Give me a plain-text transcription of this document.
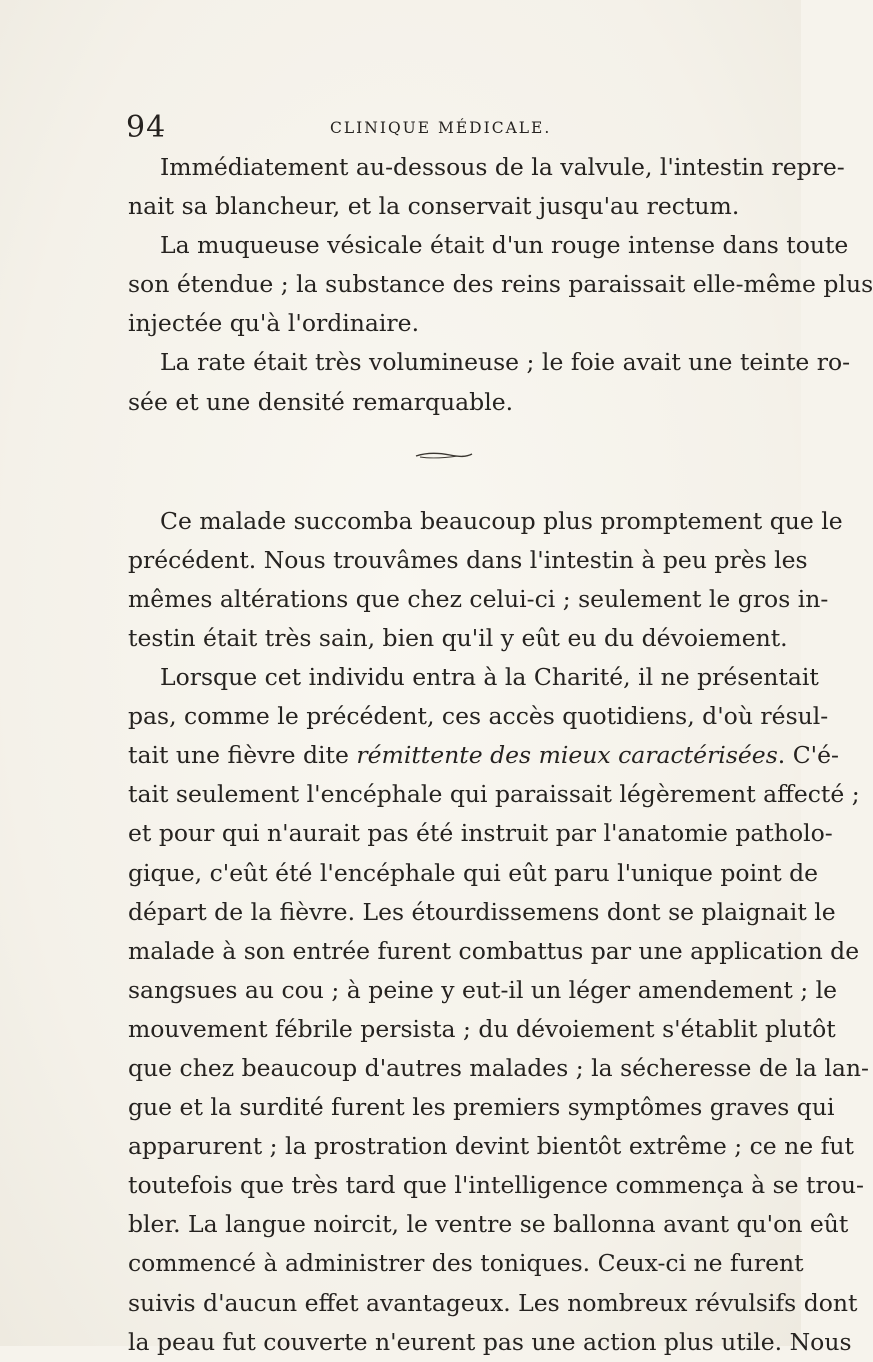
94	CLINIQUE MÉDICALE.
Immédiatement au-dessous de la valvule, l'intestin repre-
nait sa blancheur, et la conservait jusqu'au rectum.
La muqueuse vésicale était d'un rouge intense dans toute
son étendue ; la substance des reins paraissait elle-même plus
injectée qu'à l'ordinaire.
La rate était très volumineuse ; le foie avait une teinte ro-
sée et une densité remarquable.
Ce malade succomba beaucoup plus promptement que le
précédent. Nous trouvâmes dans l'intestin à peu près les
mêmes altérations que chez celui-ci ; seulement le gros in-
testin était très sain, bien qu'il y eût eu du dévoiement.
Lorsque cet individu entra à la Charité, il ne présentait
pas, comme le précédent, ces accès quotidiens, d'où résul-
tait une fièvre dite rémittente des mieux caractérisées. C'é-
tait seulement l'encéphale qui paraissait légèrement affecté ;
et pour qui n'aurait pas été instruit par l'anatomie patholo-
gique, c'eût été l'encéphale qui eût paru l'unique point de
départ de la fièvre. Les étourdissemens dont se plaignait le
malade à son entrée furent combattus par une application de
sangsues au cou ; à peine y eut-il un léger amendement ; le
mouvement fébrile persista ; du dévoiement s'établit plutôt
que chez beaucoup d'autres malades ; la sécheresse de la lan-
gue et la surdité furent les premiers symptômes graves qui
apparurent ; la prostration devint bientôt extrême ; ce ne fut
toutefois que très tard que l'intelligence commença à se trou-
bler. La langue noircit, le ventre se ballonna avant qu'on eût
commencé à administrer des toniques. Ceux-ci ne furent
suivis d'aucun effet avantageux. Les nombreux révulsifs dont
la peau fut couverte n'eurent pas une action plus utile. Nous
